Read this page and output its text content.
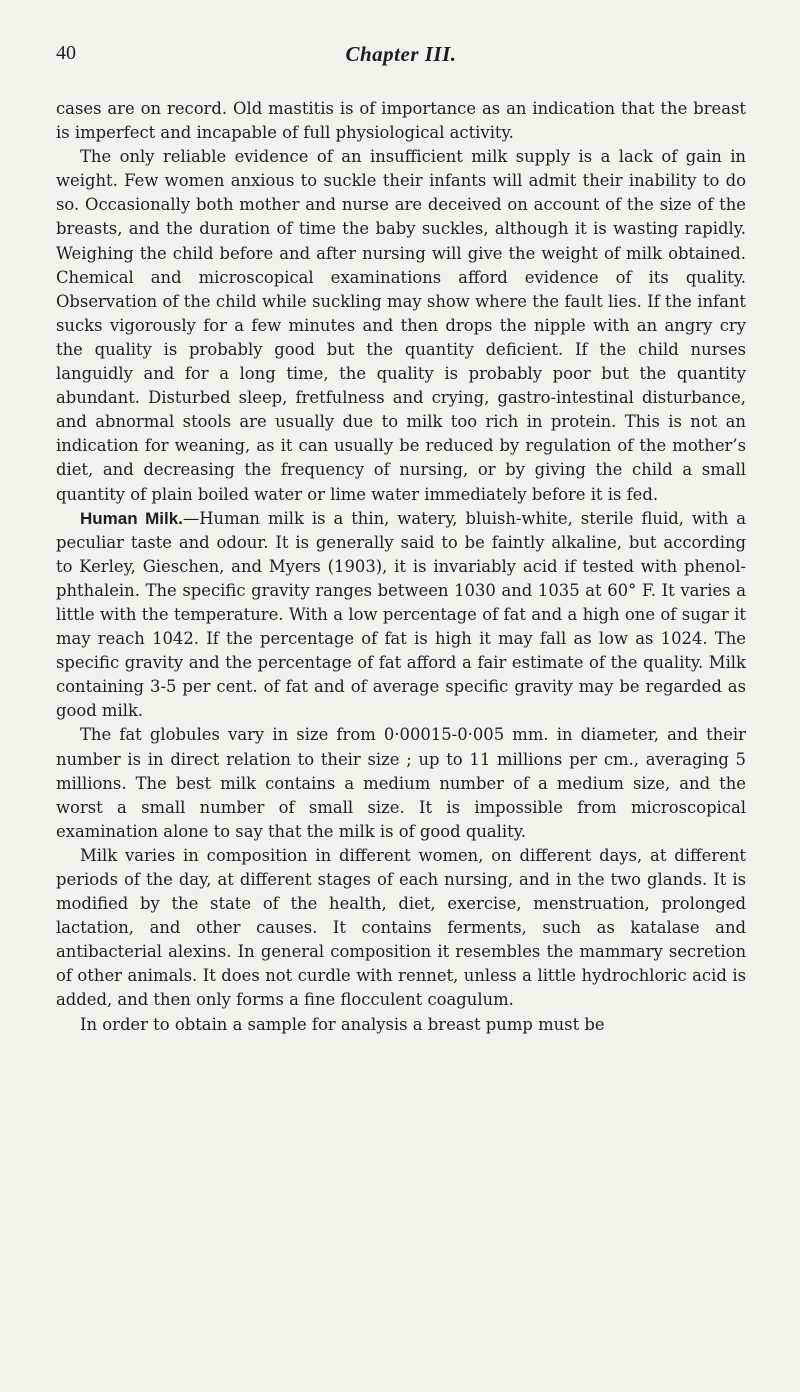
40	Chapter III.

cases are on record. Old mastitis is of importance as an indication that the breast is imperfect and incapable of full physiological activity.

The only reliable evidence of an insufficient milk supply is a lack of gain in weight. Few women anxious to suckle their infants will admit their inability to do so. Occasionally both mother and nurse are deceived on account of the size of the breasts, and the duration of time the baby suckles, although it is wasting rapidly. Weighing the child before and after nursing will give the weight of milk obtained. Chemical and microscopical examinations afford evidence of its quality. Observation of the child while suckling may show where the fault lies. If the infant sucks vigorously for a few minutes and then drops the nipple with an angry cry the quality is probably good but the quantity deficient. If the child nurses languidly and for a long time, the quality is probably poor but the quantity abundant. Disturbed sleep, fretfulness and crying, gastro-intestinal disturbance, and abnormal stools are usually due to milk too rich in protein. This is not an indication for weaning, as it can usually be reduced by regulation of the mother’s diet, and decreasing the frequency of nursing, or by giving the child a small quantity of plain boiled water or lime water immediately before it is fed.

Human Milk.—Human milk is a thin, watery, bluish-white, sterile fluid, with a peculiar taste and odour. It is generally said to be faintly alkaline, but according to Kerley, Gieschen, and Myers (1903), it is invariably acid if tested with phenol-phthalein. The specific gravity ranges between 1030 and 1035 at 60° F. It varies a little with the temperature. With a low percentage of fat and a high one of sugar it may reach 1042. If the percentage of fat is high it may fall as low as 1024. The specific gravity and the percentage of fat afford a fair estimate of the quality. Milk containing 3-5 per cent. of fat and of average specific gravity may be regarded as good milk.

The fat globules vary in size from 0·00015-0·005 mm. in diameter, and their number is in direct relation to their size ; up to 11 millions per cm., averaging 5 millions. The best milk contains a medium number of a medium size, and the worst a small number of small size. It is impossible from microscopical examination alone to say that the milk is of good quality.

Milk varies in composition in different women, on different days, at different periods of the day, at different stages of each nursing, and in the two glands. It is modified by the state of the health, diet, exercise, menstruation, prolonged lactation, and other causes. It contains ferments, such as katalase and antibacterial alexins. In general composition it resembles the mammary secretion of other animals. It does not curdle with rennet, unless a little hydrochloric acid is added, and then only forms a fine flocculent coagulum.

In order to obtain a sample for analysis a breast pump must be
